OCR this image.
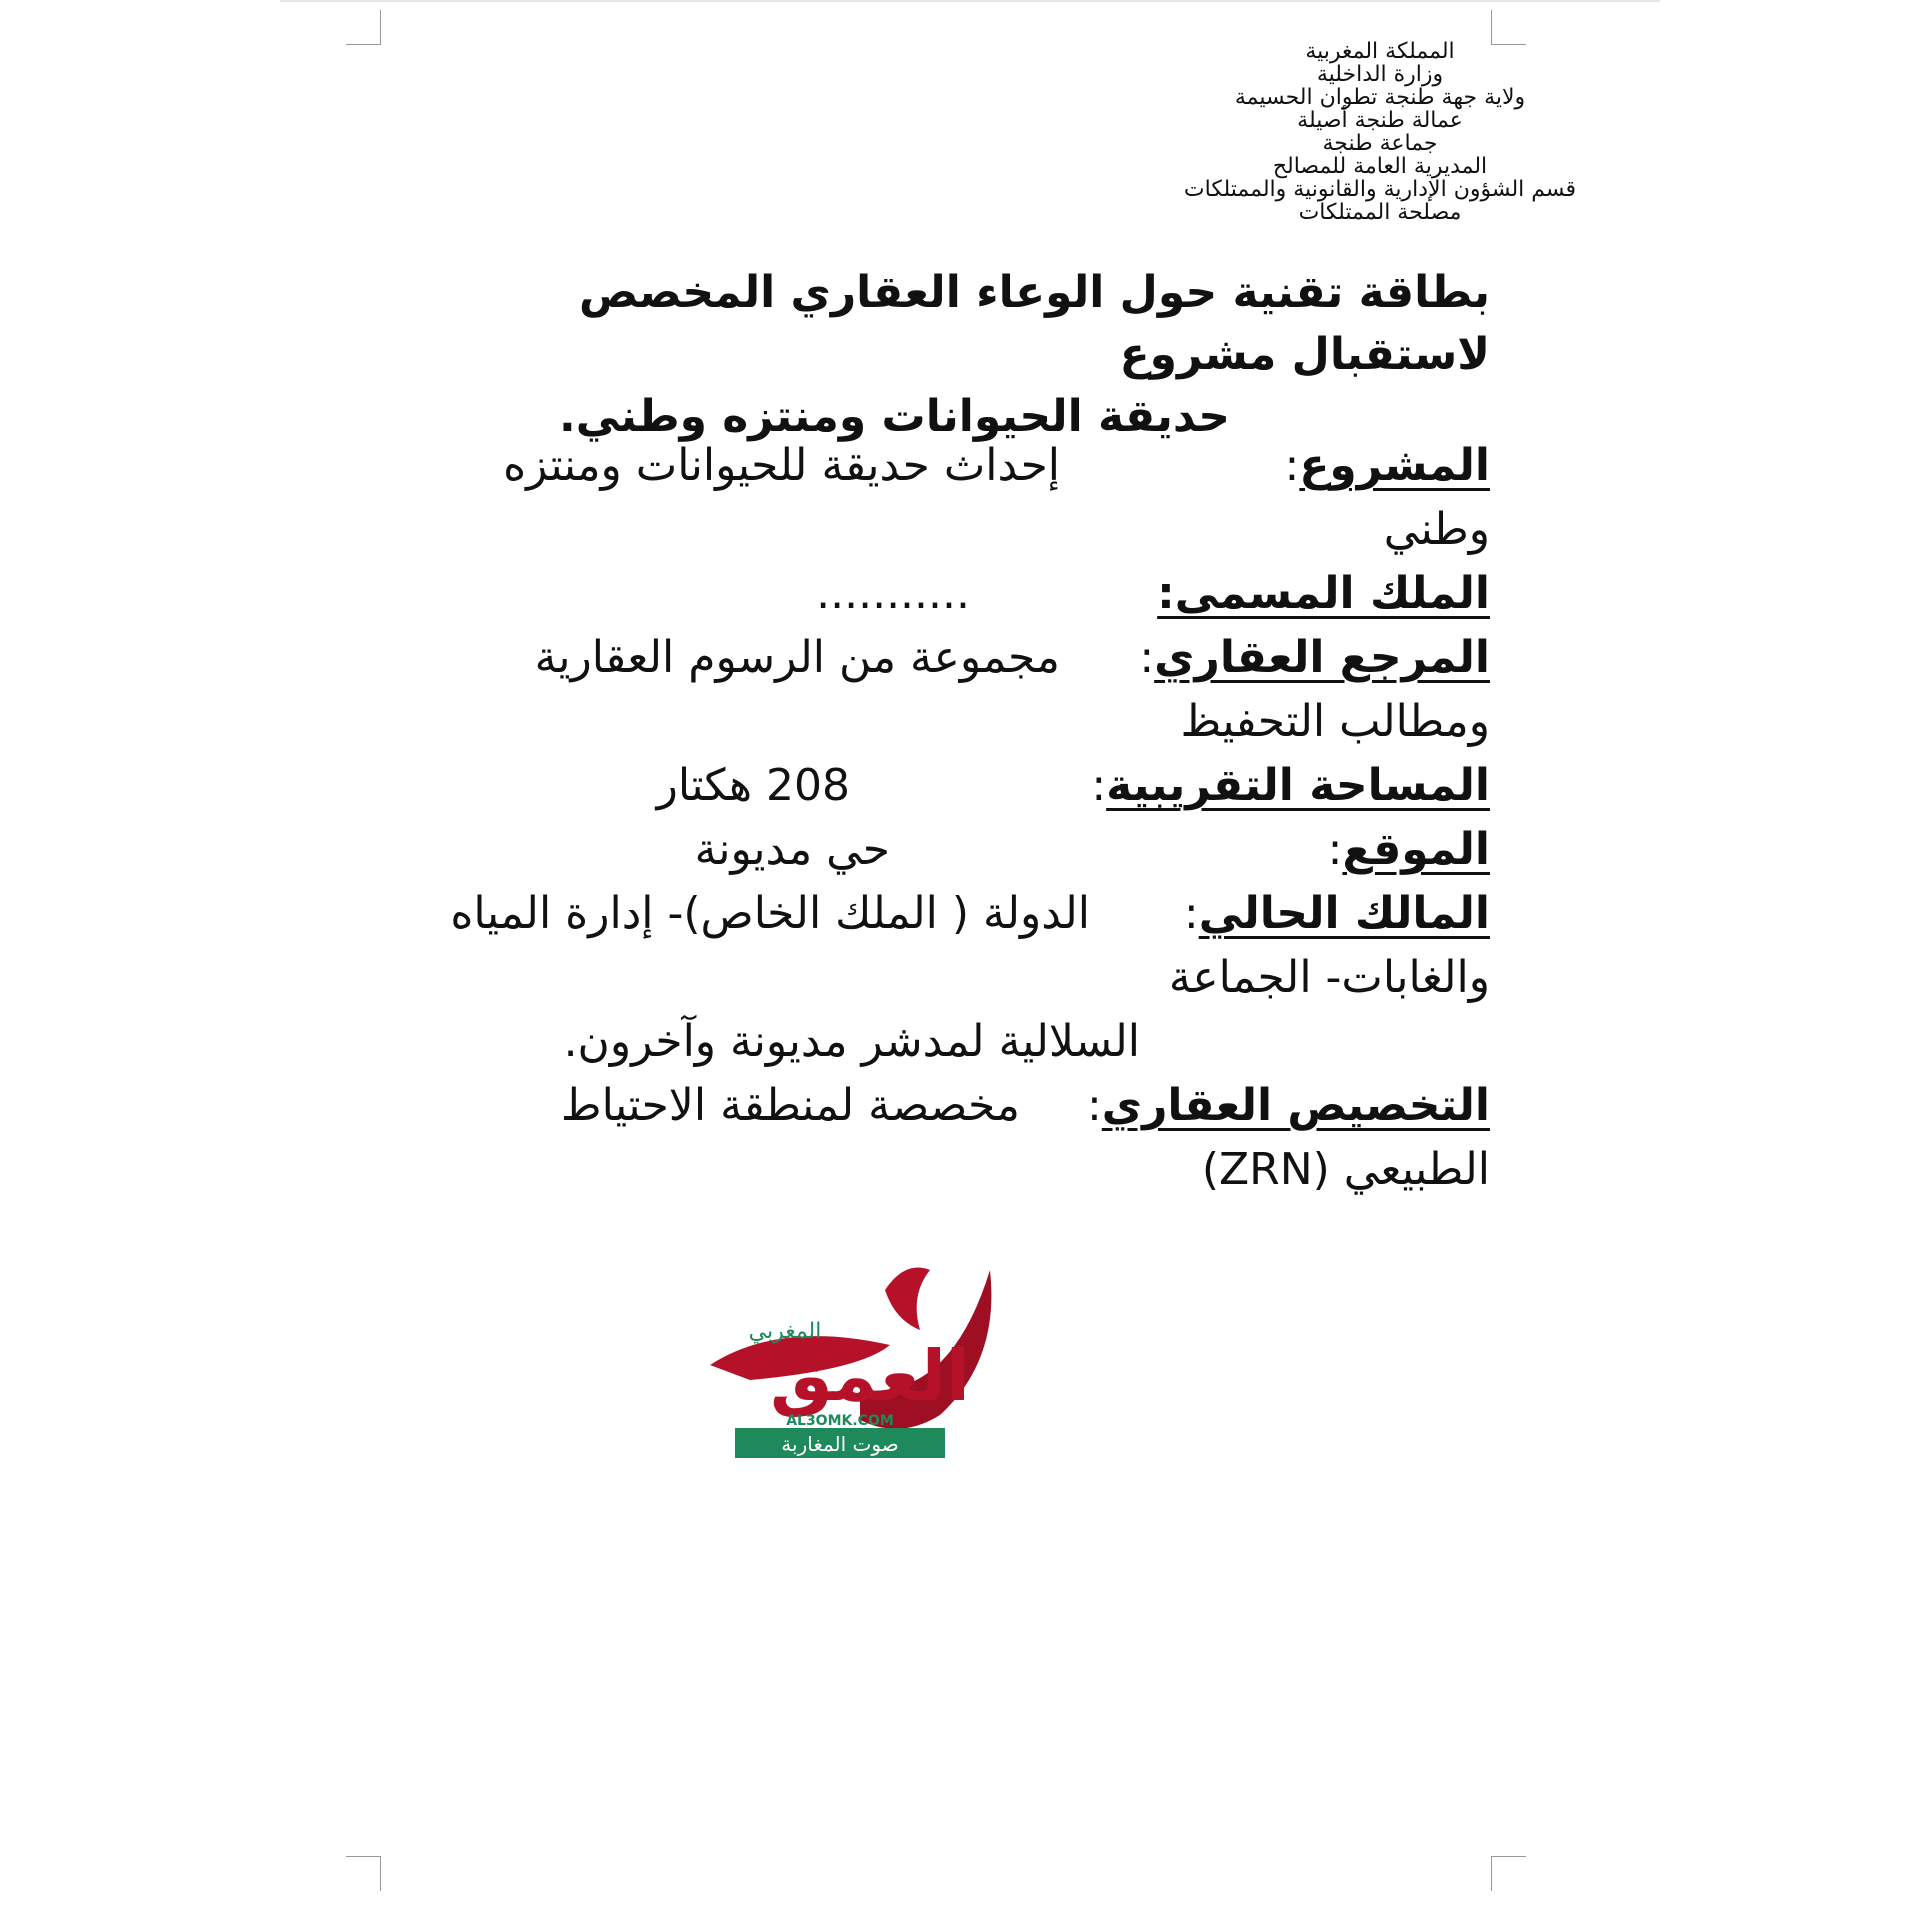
المملكة المغربية
وزارة الداخلية
ولاية جهة طنجة تطوان الحسيمة
عمالة طنجة أصيلة
جماعة طنجة
المديرية العامة للمصالح
قسم الشؤون الإدارية والقانونية والممتلكات
مصلحة الممتلكات
بطاقة تقنية حول الوعاء العقاري المخصص لاستقبال مشروع
حديقة الحيوانات ومنتزه وطني.
المشروع
:
إحداث حديقة للحيوانات ومنتزه
وطني
الملك المسمى:
...........
المرجع العقاري
:
مجموعة من الرسوم العقارية
ومطالب التحفيظ
المساحة التقريبية
:
208 هكتار
الموقع
:
حي مديونة
المالك الحالي
:
الدولة ( الملك الخاص)- إدارة المياه
والغابات- الجماعة
السلالية لمدشر مديونة وآخرون.
التخصيص العقاري
:
مخصصة لمنطقة الاحتياط
الطبيعي (ZRN)
المغربي
العمق
AL3OMK.COM
صوت المغاربة
